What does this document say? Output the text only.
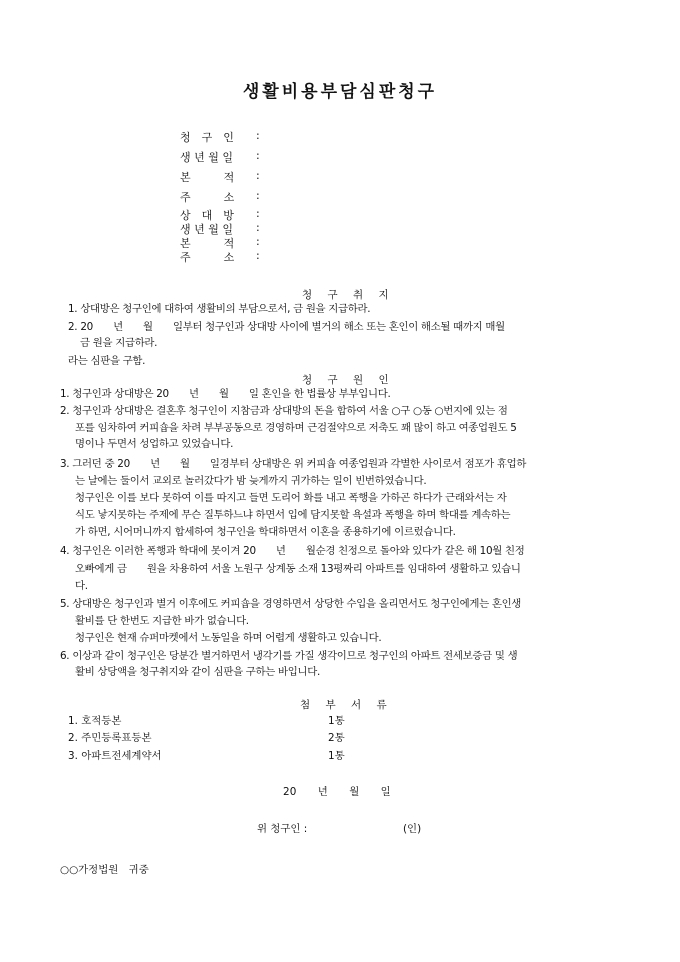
생활비용부담심판청구
청　구　인	:
생 년 월 일	:
본　　　적	:
주　　　소	:
상　대　방	:
생 년 월 일	:
본　　　적	:
주　　　소	:
청 구 취 지
1. 상대방은 청구인에 대하여 생활비의 부담으로서, 금 원을 지급하라.
2. 20　　년　　월　　일부터 청구인과 상대방 사이에 별거의 해소 또는 혼인이 해소될 때까지 매월
금 원을 지급하라.
라는 심판을 구함.
청 구 원 인
1. 청구인과 상대방은 20　　년　　월　　일 혼인을 한 법률상 부부입니다.
2. 청구인과 상대방은 결혼후 청구인이 지참금과 상대방의 돈을 합하여 서울 ○구 ○동 ○번지에 있는 점
포를 임차하여 커피숍을 차려 부부공동으로 경영하며 근검절약으로 저축도 꽤 많이 하고 여종업원도 5
명이나 두면서 성업하고 있었습니다.
3. 그러던 중 20　　년　　월　　일경부터 상대방은 위 커피숍 여종업원과 각별한 사이로서 점포가 휴업하
는 날에는 둘이서 교외로 놀러갔다가 밤 늦게까지 귀가하는 일이 빈번하였습니다.
청구인은 이를 보다 못하여 이를 따지고 들면 도리어 화를 내고 폭행을 가하곤 하다가 근래와서는 자
식도 낳지못하는 주제에 무슨 질투하느냐 하면서 입에 담지못할 욕설과 폭행을 하며 학대를 계속하는
가 하면, 시어머니까지 합세하여 청구인을 학대하면서 이혼을 종용하기에 이르렀습니다.
4. 청구인은 이러한 폭행과 학대에 못이겨 20　　년　　월순경 친정으로 돌아와 있다가 같은 해 10월 친정
오빠에게 금　　원을 차용하여 서울 노원구 상계동 소재 13평짜리 아파트를 임대하여 생활하고 있습니
다.
5. 상대방은 청구인과 별거 이후에도 커피숍을 경영하면서 상당한 수입을 올리면서도 청구인에게는 혼인생
활비를 단 한번도 지급한 바가 없습니다.
청구인은 현재 슈퍼마켓에서 노동일을 하며 어렵게 생활하고 있습니다.
6. 이상과 같이 청구인은 당분간 별거하면서 냉각기를 가질 생각이므로 청구인의 아파트 전세보증금 및 생
활비 상당액을 청구취지와 같이 심판을 구하는 바입니다.
첨 부 서 류
1. 호적등본	1통
2. 주민등록표등본	2통
3. 아파트전세계약서	1통
20　　년　　월　　일
위 청구인 :	(인)
○○가정법원　귀중
